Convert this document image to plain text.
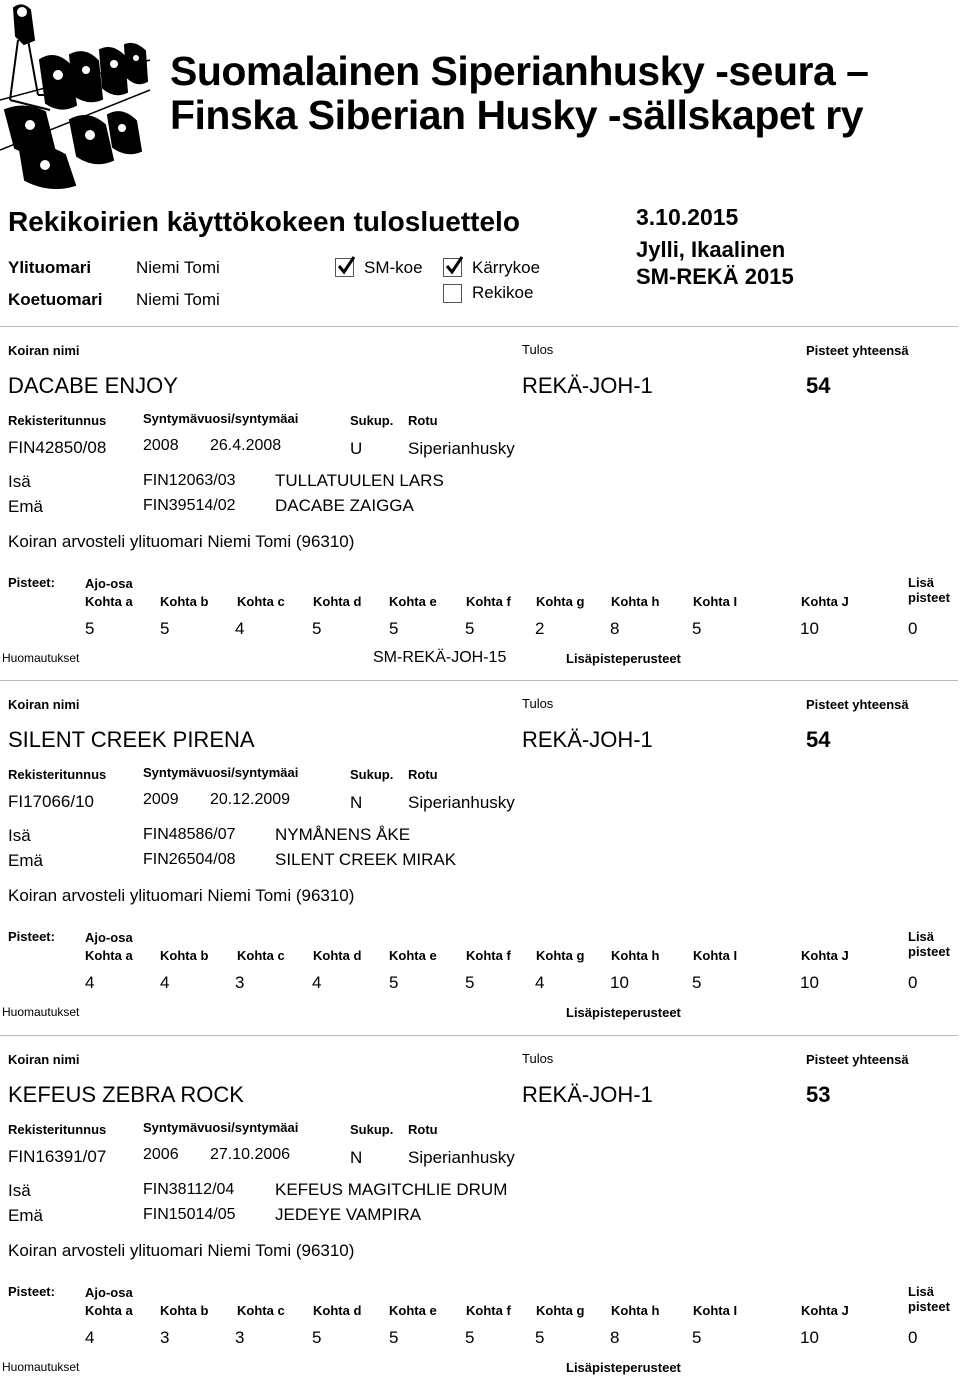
Suomalainen Siperianhusky -seura –
Finska Siberian Husky -sällskapet ry
Rekikoirien käyttökokeen tulosluettelo	3.10.2015
Jylli, Ikaalinen
SM-REKÄ 2015
Ylituomari	Niemi Tomi
Koetuomari Niemi Tomi
SM-koe	Kärrykoe
Rekikoe
Koiran nimi	Tulos	Pisteet yhteensä
DACABE ENJOY	REKÄ-JOH-1	54
Rekisteritunnus	Syntymävuosi/syntymäai	Sukup. Rotu
FIN42850/08 2008 26.4.2008	U	Siperianhusky
Isä	FIN12063/03 TULLATUULEN LARS
Emä	FIN39514/02 DACABE ZAIGGA
Koiran arvosteli ylituomari Niemi Tomi (96310)
Pisteet: Ajo-osa	Lisä
pisteet
Kohta a Kohta b Kohta c Kohta d Kohta e Kohta f Kohta g Kohta h	Kohta I	Kohta J
5	5	4	5	5	5	2	8	5	10	0
Huomautukset	SM-REKÄ-JOH-15	Lisäpisteperusteet
Koiran nimi	Tulos	Pisteet yhteensä
SILENT CREEK PIRENA	REKÄ-JOH-1	54
Rekisteritunnus	Syntymävuosi/syntymäai	Sukup. Rotu
FI17066/10	2009 20.12.2009	N	Siperianhusky
Isä	FIN48586/07 NYMÅNENS ÅKE
Emä	FIN26504/08 SILENT CREEK MIRAK
Koiran arvosteli ylituomari Niemi Tomi (96310)
Pisteet: Ajo-osa	Lisä
pisteet
Kohta a Kohta b Kohta c Kohta d Kohta e Kohta f Kohta g Kohta h	Kohta I	Kohta J
4	4	3	4	5	5	4	10	5	10	0
Huomautukset	Lisäpisteperusteet
Koiran nimi	Tulos	Pisteet yhteensä
KEFEUS ZEBRA ROCK	REKÄ-JOH-1	53
Rekisteritunnus	Syntymävuosi/syntymäai	Sukup. Rotu
FIN16391/07 2006 27.10.2006	N	Siperianhusky
Isä	FIN38112/04 KEFEUS MAGITCHLIE DRUM
Emä	FIN15014/05 JEDEYE VAMPIRA
Koiran arvosteli ylituomari Niemi Tomi (96310)
Pisteet: Ajo-osa	Lisä
pisteet
Kohta a Kohta b Kohta c Kohta d Kohta e Kohta f Kohta g Kohta h	Kohta I	Kohta J
4	3	3	5	5	5	5	8	5	10	0
Huomautukset	Lisäpisteperusteet
